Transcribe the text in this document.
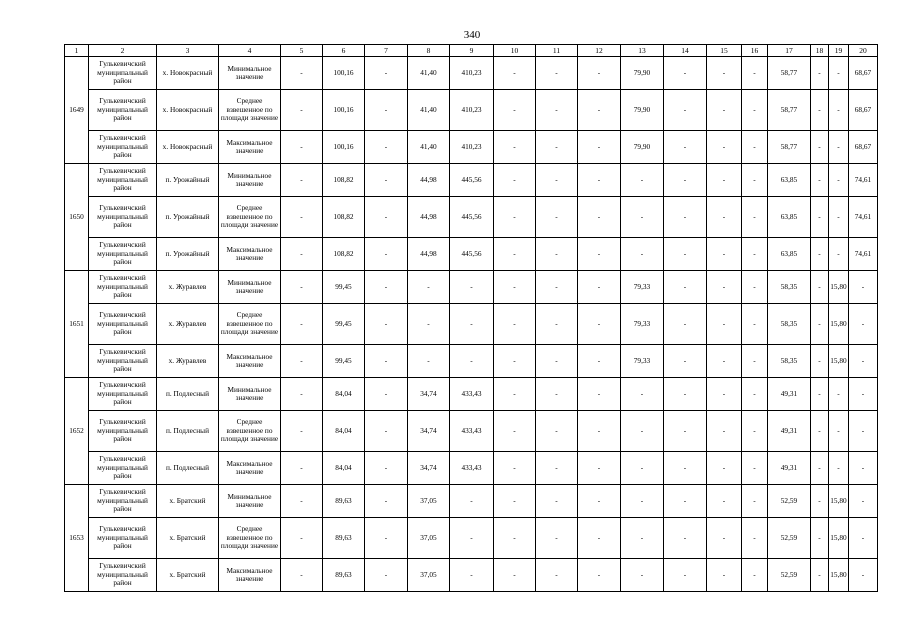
340
1	2	3	4	5	6	7	8	9	10	11	12	13	14	15	16	17	18	19	20
1649	Гулькевичский муниципальный район	х. Новокрасный	Минимальное значение	-	100,16	-	41,40	410,23	-	-	-	79,90	-	-	-	58,77	-	-	68,67
	Гулькевичский муниципальный район	х. Новокрасный	Среднее взвешенное по площади значение	-	100,16	-	41,40	410,23	-	-	-	79,90	-	-	-	58,77	-	-	68,67
	Гулькевичский муниципальный район	х. Новокрасный	Максимальное значение	-	100,16	-	41,40	410,23	-	-	-	79,90	-	-	-	58,77	-	-	68,67
1650	Гулькевичский муниципальный район	п. Урожайный	Минимальное значение	-	108,82	-	44,98	445,56	-	-	-	-	-	-	-	63,85	-	-	74,61
	Гулькевичский муниципальный район	п. Урожайный	Среднее взвешенное по площади значение	-	108,82	-	44,98	445,56	-	-	-	-	-	-	-	63,85	-	-	74,61
	Гулькевичский муниципальный район	п. Урожайный	Максимальное значение	-	108,82	-	44,98	445,56	-	-	-	-	-	-	-	63,85	-	-	74,61
1651	Гулькевичский муниципальный район	х. Журавлев	Минимальное значение	-	99,45	-	-	-	-	-	-	79,33	-	-	-	58,35	-	15,80	-
	Гулькевичский муниципальный район	х. Журавлев	Среднее взвешенное по площади значение	-	99,45	-	-	-	-	-	-	79,33	-	-	-	58,35	-	15,80	-
	Гулькевичский муниципальный район	х. Журавлев	Максимальное значение	-	99,45	-	-	-	-	-	-	79,33	-	-	-	58,35	-	15,80	-
1652	Гулькевичский муниципальный район	п. Подлесный	Минимальное значение	-	84,04	-	34,74	433,43	-	-	-	-	-	-	-	49,31	-	-	-
	Гулькевичский муниципальный район	п. Подлесный	Среднее взвешенное по площади значение	-	84,04	-	34,74	433,43	-	-	-	-	-	-	-	49,31	-	-	-
	Гулькевичский муниципальный район	п. Подлесный	Максимальное значение	-	84,04	-	34,74	433,43	-	-	-	-	-	-	-	49,31	-	-	-
1653	Гулькевичский муниципальный район	х. Братский	Минимальное значение	-	89,63	-	37,05	-	-	-	-	-	-	-	-	52,59	-	15,80	-
	Гулькевичский муниципальный район	х. Братский	Среднее взвешенное по площади значение	-	89,63	-	37,05	-	-	-	-	-	-	-	-	52,59	-	15,80	-
	Гулькевичский муниципальный район	х. Братский	Максимальное значение	-	89,63	-	37,05	-	-	-	-	-	-	-	-	52,59	-	15,80	-
